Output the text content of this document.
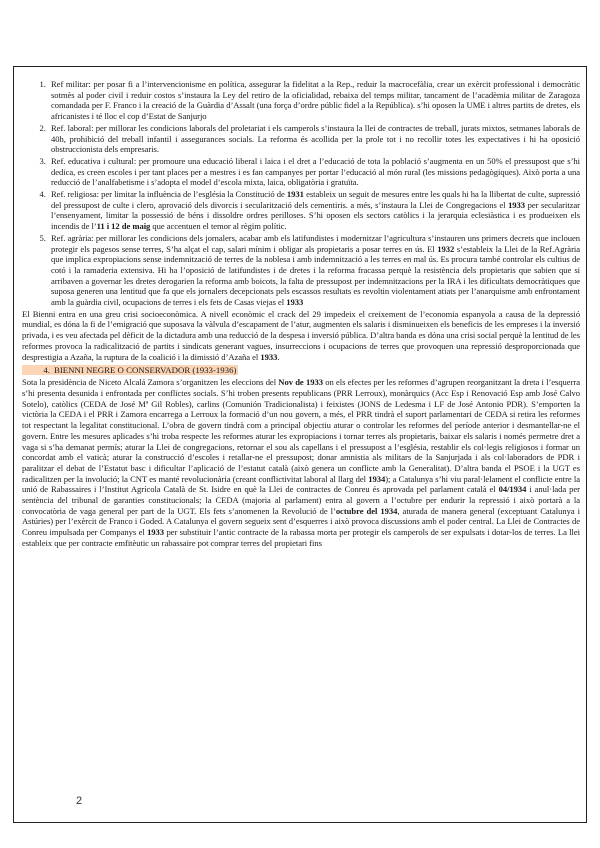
1. Ref militar: per posar fi a l’intervencionisme en política, assegurar la fidelitat a la Rep., reduir la macrocefàlia, crear un exèrcit professional i democràtic sotmès al poder civil i reduir costos s’instaura la Ley del retiro de la oficialidad, rebaixa del temps militar, tancament de l’acadèmia militar de Zaragoza comandada per F. Franco i la creació de la Guàrdia d’Assalt (una força d’ordre públic fidel a la República). s’hi oposen la UME i altres partits de dretes, els africanistes i té lloc el cop d’Estat de Sanjurjo
2. Ref. laboral: per millorar les condicions laborals del proletariat i els camperols s’instaura la llei de contractes de treball, jurats mixtos, setmanes laborals de 40h, prohibició del treball infantil i assegurances socials. La reforma és acollida per la prole tot i no recollir totes les expectatives i hi ha oposició obstruccionista dels empresaris.
3. Ref. educativa i cultural: per promoure una educació liberal i laica i el dret a l’educació de tota la població s’augmenta en un 50% el pressupost que s’hi dedica, es creen escoles i per tant places per a mestres i es fan campanyes per portar l’educació al món rural (les missions pedagògiques). Això porta a una reducció de l’analfabetisme i s’adopta el model d’escola mixta, laica, obligatòria i gratuïta.
4. Ref. religiosa: per limitar la influència de l’església la Constitució de 1931 estableix un seguit de mesures entre les quals hi ha la llibertat de culte, supressió del pressupost de culte i clero, aprovació dels divorcis i secularització dels cementiris. a més, s’instaura la Llei de Congregacions el 1933 per secularitzar l’ensenyament, limitar la possessió de béns i dissoldre ordres perilloses. S’hi oposen els sectors catòlics i la jerarquia eclesiàstica i es produeixen els incendis de l’11 i 12 de maig que accentuen el temor al règim polític.
5. Ref. agrària: per millorar les condicions dels jornalers, acabar amb els latifundistes i modernitzar l’agricultura s’instauren uns primers decrets que inclouen protegir els pagesos sense terres, S’ha alçat el cap, salari mínim i obligar als propietaris a posar terres en ús. El 1932 s’estableix la Llei de la Ref.Agrària que implica expropiacions sense indemnització de terres de la noblesa i amb indemnització a les terres en mal ús. Es procura també controlar els cultius de cotó i la ramaderia extensiva. Hi ha l’oposició de latifundistes i de dretes i la reforma fracassa perquè la resistència dels propietaris que sabien que si arribaven a governar les dretes derogarien la reforma amb boicots, la falta de pressupost per indemnitzacions per la IRA i les dificultats democràtiques que suposa generen una lentitud que fa que els jornalers decepcionats pels escassos resultats es revoltin violentament atiats per l’anarquisme amb enfrontament amb la guàrdia civil, ocupacions de terres i els fets de Casas viejas el 1933

El Bienni entra en una greu crisi socioeconòmica. A nivell econòmic el crack del 29 impedeix el creixement de l’economia espanyola a causa de la depressió mundial, es dóna la fi de l’emigració que suposava la vàlvula d’escapament de l’atur, augmenten els salaris i disminueixen els beneficis de les empreses i la inversió privada, i es veu afectada pel dèficit de la dictadura amb una reducció de la despesa i inversió pública. D’altra banda es dóna una crisi social perquè la lentitud de les reformes provoca la radicalització de partits i sindicats generant vagues, insurreccions i ocupacions de terres que provoquen una repressió desproporcionada que desprestigia a Azaña, la ruptura de la coalició i la dimissió d’Azaña el 1933.

4. BIENNI NEGRE O CONSERVADOR (1933-1936)

Sota la presidència de Niceto Alcalá Zamora s’organitzen les eleccions del Nov de 1933 on els efectes per les reformes d’agrupen reorganitzant la dreta i l’esquerra s’hi presenta desunida i enfrontada per conflictes socials. S’hi troben presents republicans (PRR Lerroux), monàrquics (Acc Esp i Renovació Esp amb José Calvo Sotelo), catòlics (CEDA de José Mª Gil Robles), carlins (Comunión Tradicionalista) i feixistes (JONS de Ledesma i LF de José Antonio PDR). S’emporten la victòria la CEDA i el PRR i Zamora encarrega a Lerroux la formació d’un nou govern, a més, el PRR tindrà el suport parlamentari de CEDA si retira les reformes tot respectant la legalitat constitucional. L’obra de govern tindrà com a principal objectiu aturar o controlar les reformes del període anterior i desmantellar-ne el govern. Entre les mesures aplicades s’hi troba respecte les reformes aturar les expropiacions i tornar terres als propietaris, baixar els salaris i només permetre dret a vaga si s’ha demanat permís; aturar la Llei de congregacions, retornar el sou als capellans i el pressupost a l’església, restablir els col·legis religiosos i formar un concordat amb el vaticà; aturar la construcció d’escoles i retallar-ne el pressupost; donar amnistia als militars de la Sanjurjada i als col·laboradors de PDR i paralitzar el debat de l’Estatut basc i dificultar l’aplicació de l’estatut català (això genera un conflicte amb la Generalitat). D’altra banda el PSOE i la UGT es radicalitzen per la involució; la CNT es manté revolucionària (creant conflictivitat laboral al llarg del 1934); a Catalunya s’hi viu paral·lelament el conflicte entre la unió de Rabassaires i l’Institut Agrícola Català de St. Isidre en què la Llei de contractes de Conreu és aprovada pel parlament català el 04/1934 i anul·lada per sentència del tribunal de garanties constitucionals; la CEDA (majoria al parlament) entra al govern a l’octubre per endurir la repressió i això portarà a la convocatòria de vaga general per part de la UGT. Els fets s’anomenen la Revolució de l’octubre del 1934, aturada de manera general (exceptuant Catalunya i Astúries) per l’exèrcit de Franco i Goded. A Catalunya el govern segueix sent d’esquerres i això provoca discussions amb el poder central. La Llei de Contractes de Conreu impulsada per Companys el 1933 per substituir l’antic contracte de la rabassa morta per protegir els camperols de ser expulsats i dotar-los de terres. La llei estableix que per contracte emfitèutic un rabassaire pot comprar terres del propietari fins

2
